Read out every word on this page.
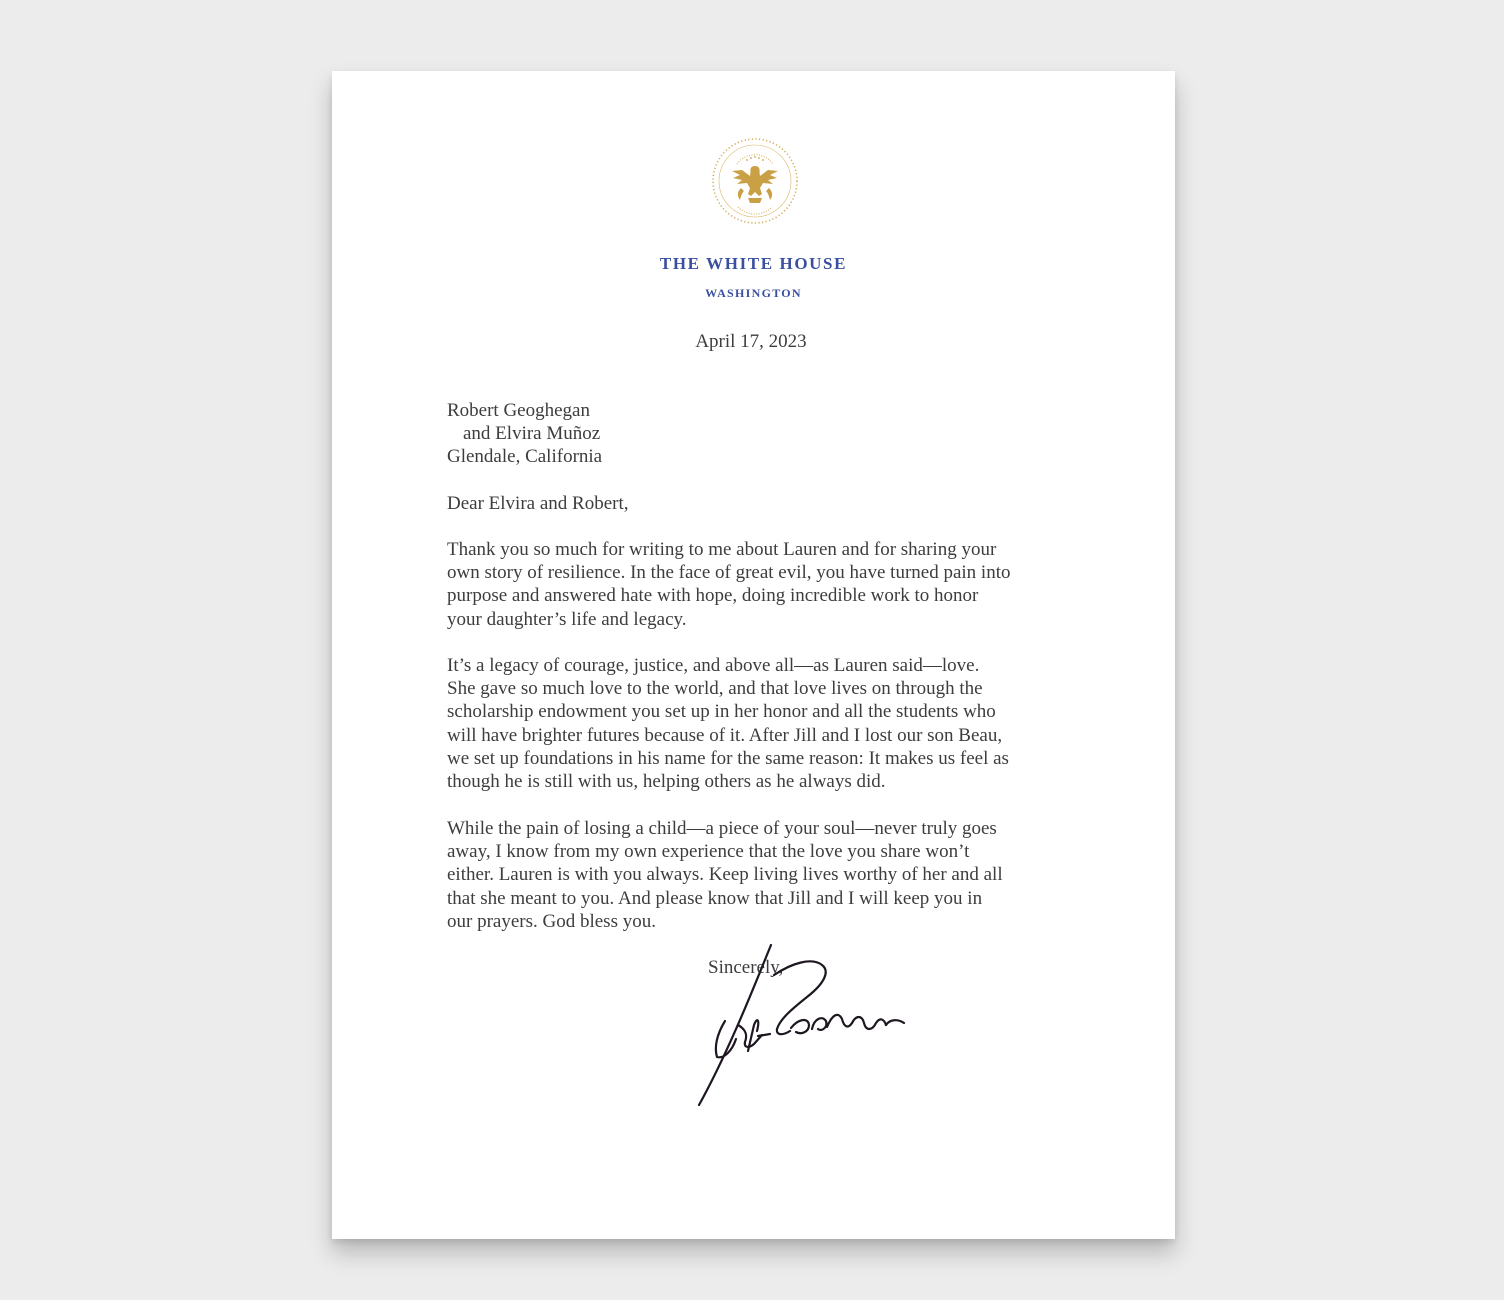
THE WHITE HOUSE
WASHINGTON
April 17, 2023
Robert Geoghegan
and Elvira Muñoz
Glendale, California
Dear Elvira and Robert,
Thank you so much for writing to me about Lauren and for sharing your
own story of resilience. In the face of great evil, you have turned pain into
purpose and answered hate with hope, doing incredible work to honor
your daughter’s life and legacy.
It’s a legacy of courage, justice, and above all—as Lauren said—love.
She gave so much love to the world, and that love lives on through the
scholarship endowment you set up in her honor and all the students who
will have brighter futures because of it. After Jill and I lost our son Beau,
we set up foundations in his name for the same reason: It makes us feel as
though he is still with us, helping others as he always did.
While the pain of losing a child—a piece of your soul—never truly goes
away, I know from my own experience that the love you share won’t
either. Lauren is with you always. Keep living lives worthy of her and all
that she meant to you. And please know that Jill and I will keep you in
our prayers. God bless you.
Sincerely,
